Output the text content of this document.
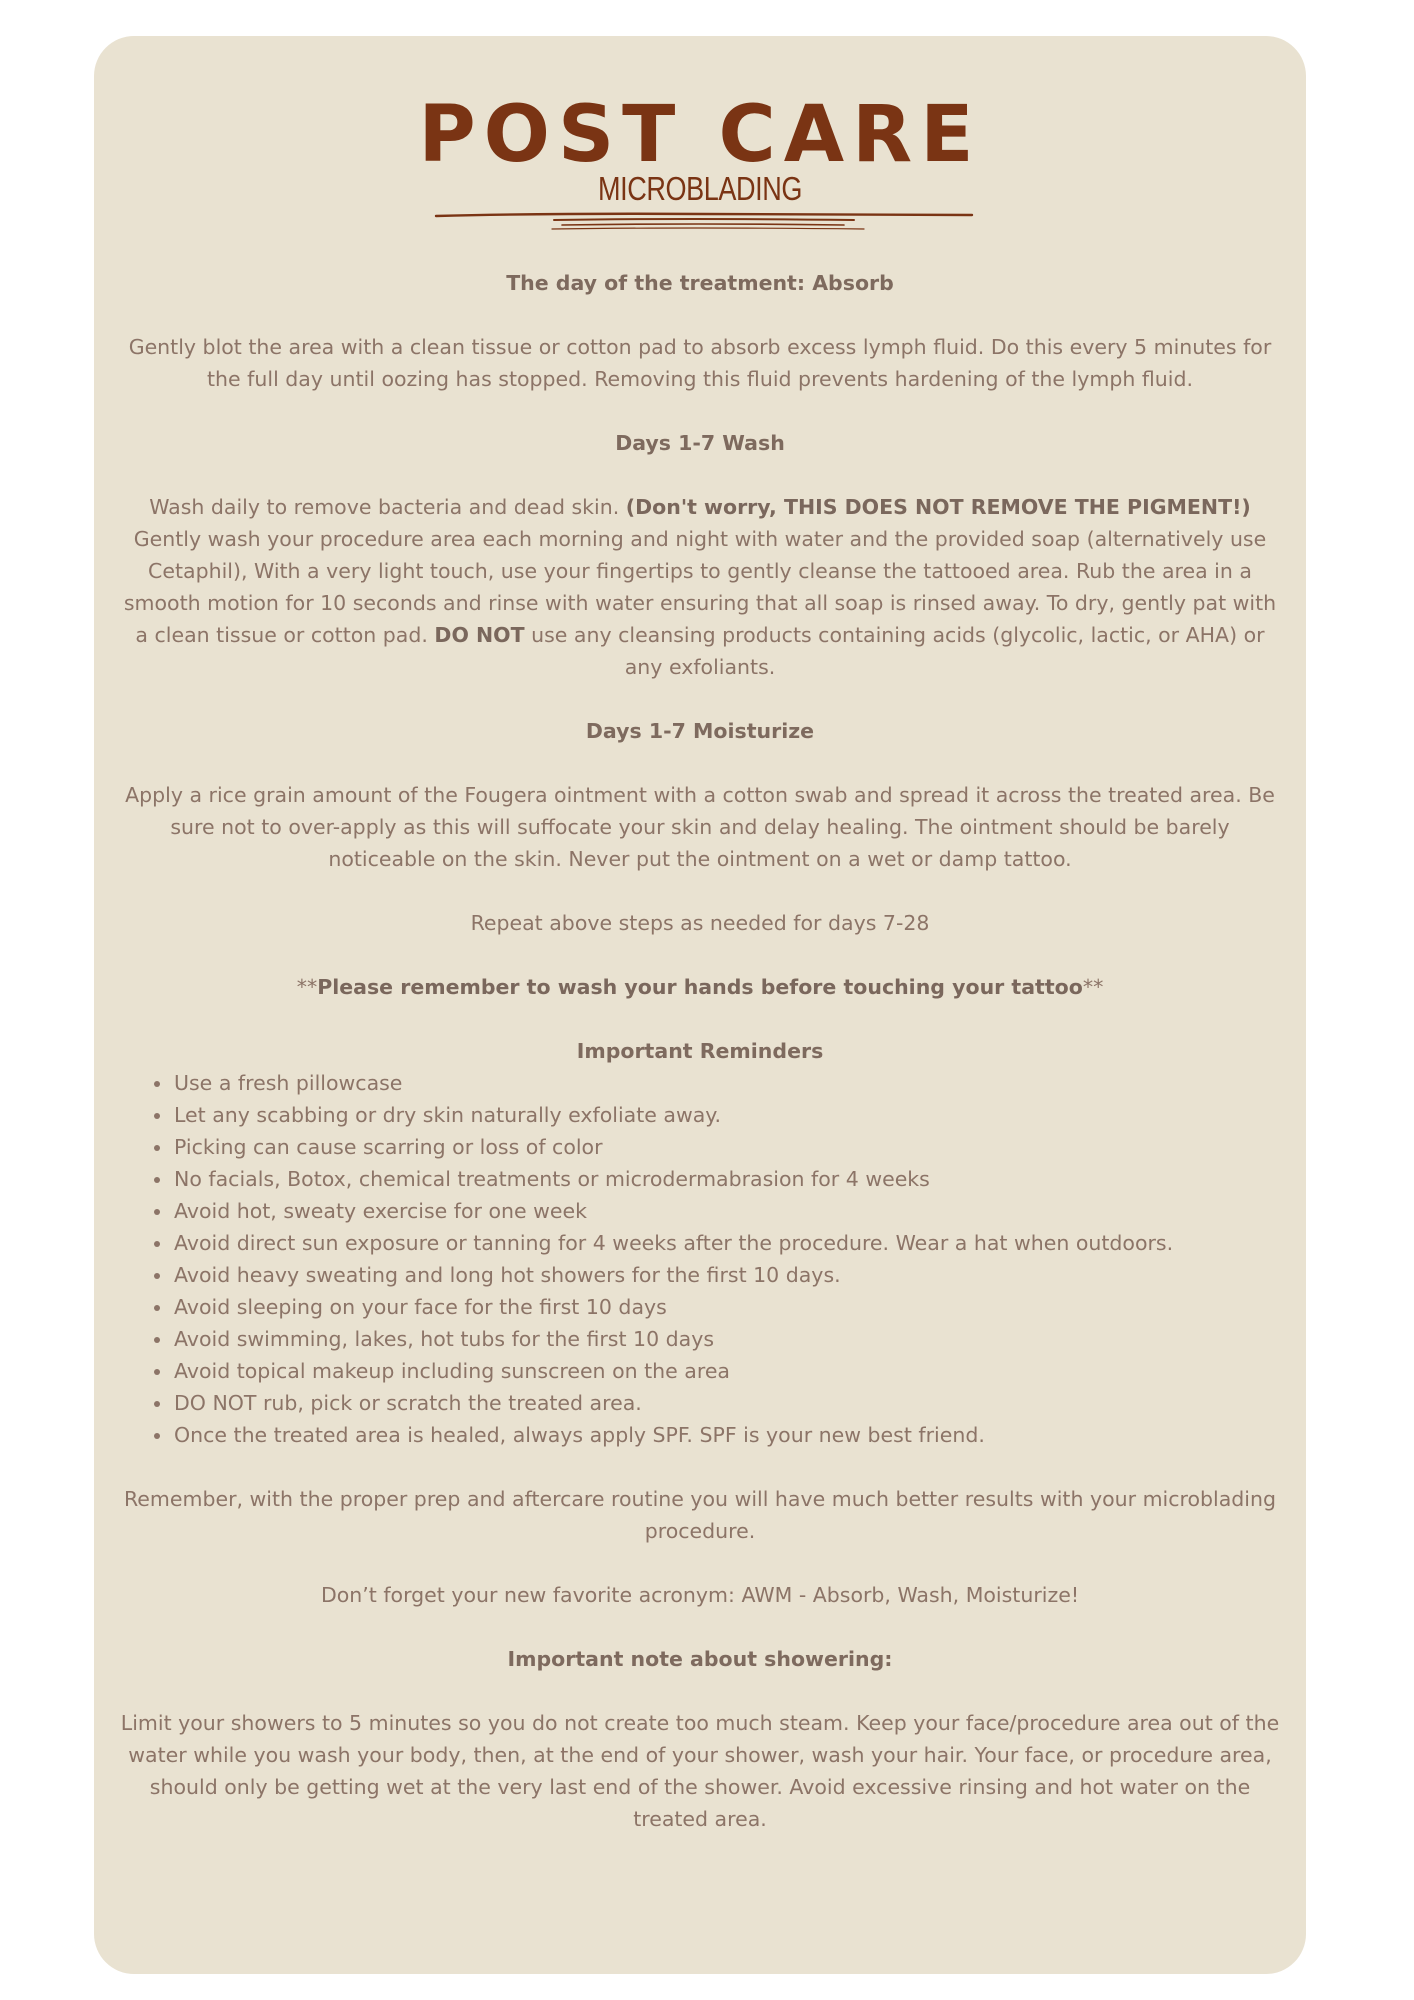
POST CARE
MICROBLADING

The day of the treatment: Absorb

Gently blot the area with a clean tissue or cotton pad to absorb excess lymph fluid. Do this every 5 minutes for the full day until oozing has stopped. Removing this fluid prevents hardening of the lymph fluid.

Days 1-7 Wash

Wash daily to remove bacteria and dead skin. (Don't worry, THIS DOES NOT REMOVE THE PIGMENT!) Gently wash your procedure area each morning and night with water and the provided soap (alternatively use Cetaphil), With a very light touch, use your fingertips to gently cleanse the tattooed area. Rub the area in a smooth motion for 10 seconds and rinse with water ensuring that all soap is rinsed away. To dry, gently pat with a clean tissue or cotton pad. DO NOT use any cleansing products containing acids (glycolic, lactic, or AHA) or any exfoliants.

Days 1-7 Moisturize

Apply a rice grain amount of the Fougera ointment with a cotton swab and spread it across the treated area. Be sure not to over-apply as this will suffocate your skin and delay healing. The ointment should be barely noticeable on the skin. Never put the ointment on a wet or damp tattoo.

Repeat above steps as needed for days 7-28

**Please remember to wash your hands before touching your tattoo**

Important Reminders

Use a fresh pillowcase
Let any scabbing or dry skin naturally exfoliate away.
Picking can cause scarring or loss of color
No facials, Botox, chemical treatments or microdermabrasion for 4 weeks
Avoid hot, sweaty exercise for one week
Avoid direct sun exposure or tanning for 4 weeks after the procedure. Wear a hat when outdoors.
Avoid heavy sweating and long hot showers for the first 10 days.
Avoid sleeping on your face for the first 10 days
Avoid swimming, lakes, hot tubs for the first 10 days
Avoid topical makeup including sunscreen on the area
DO NOT rub, pick or scratch the treated area.
Once the treated area is healed, always apply SPF. SPF is your new best friend.

Remember, with the proper prep and aftercare routine you will have much better results with your microblading procedure.

Don’t forget your new favorite acronym: AWM - Absorb, Wash, Moisturize!

Important note about showering:

Limit your showers to 5 minutes so you do not create too much steam. Keep your face/procedure area out of the water while you wash your body, then, at the end of your shower, wash your hair. Your face, or procedure area, should only be getting wet at the very last end of the shower. Avoid excessive rinsing and hot water on the treated area.
